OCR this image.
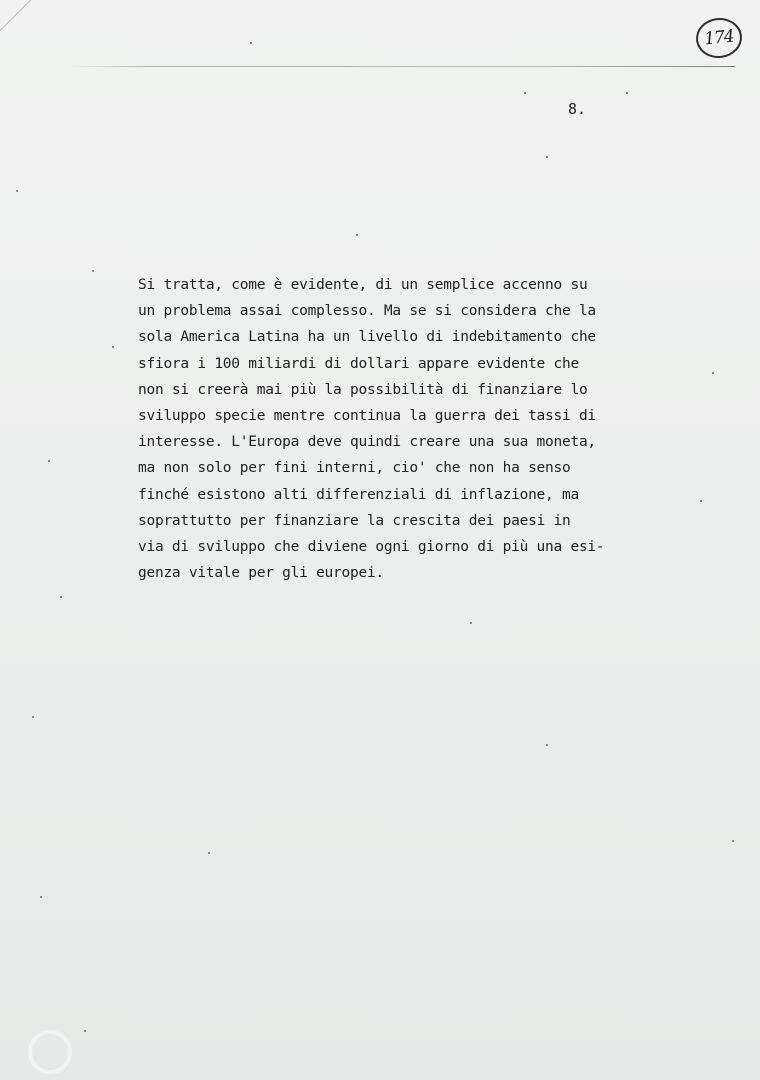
174
8.

Si tratta, come è evidente, di un semplice accenno su
un problema assai complesso. Ma se si considera che la
sola America Latina ha un livello di indebitamento che
sfiora i 100 miliardi di dollari appare evidente che
non si creerà mai più la possibilità di finanziare lo
sviluppo specie mentre continua la guerra dei tassi di
interesse. L'Europa deve quindi creare una sua moneta,
ma non solo per fini interni, cio' che non ha senso
finché esistono alti differenziali di inflazione, ma
soprattutto per finanziare la crescita dei paesi in
via di sviluppo che diviene ogni giorno di più una esi-
genza vitale per gli europei.
